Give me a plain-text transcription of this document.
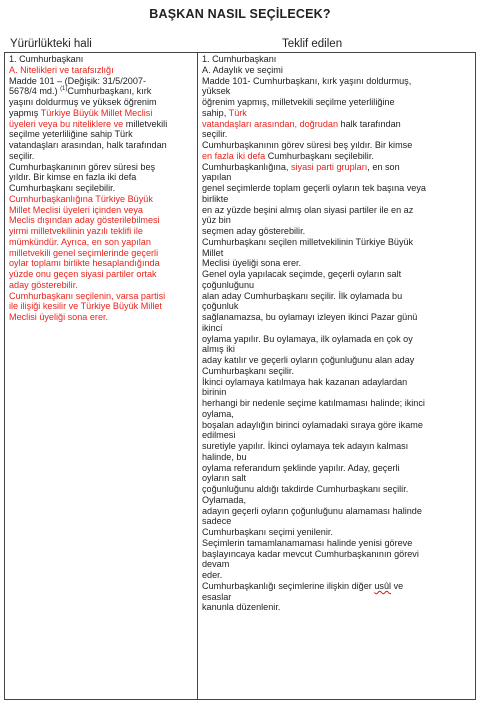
BAŞKAN NASIL SEÇİLECEK?
Yürürlükteki hali	Teklif edilen
1. Cumhurbaşkanı
A. Nitelikleri ve tarafsızlığı
Madde 101 – (Değişik: 31/5/2007-
5678/4 md.) $^{(1)}$Cumhurbaşkanı, kırk
yaşını doldurmuş ve yüksek öğrenim
yapmış Türkiye Büyük Millet Meclisi
üyeleri veya bu niteliklere ve milletvekili
seçilme yeterliliğine sahip Türk
vatandaşları arasından, halk tarafından
seçilir.
Cumhurbaşkanının görev süresi beş
yıldır. Bir kimse en fazla iki defa
Cumhurbaşkanı seçilebilir.
Cumhurbaşkanlığına Türkiye Büyük
Millet Meclisi üyeleri içinden veya
Meclis dışından aday gösterilebilmesi
yirmi milletvekilinin yazılı teklifi ile
mümkündür. Ayrıca, en son yapılan
milletvekili genel seçimlerinde geçerli
oylar toplamı birlikte hesaplandığında
yüzde onu geçen siyasi partiler ortak
aday gösterebilir.
Cumhurbaşkanı seçilenin, varsa partisi
ile ilişiği kesilir ve Türkiye Büyük Millet
Meclisi üyeliği sona erer.

1. Cumhurbaşkanı
A. Adaylık ve seçimi
Madde 101- Cumhurbaşkanı, kırk yaşını doldurmuş,
yüksek
öğrenim yapmış, milletvekili seçilme yeterliliğine
sahip, Türk
vatandaşları arasından, doğrudan halk tarafından
seçilir.
Cumhurbaşkanının görev süresi beş yıldır. Bir kimse
en fazla iki defa Cumhurbaşkanı seçilebilir.
Cumhurbaşkanlığına, siyasi parti grupları, en son
yapılan
genel seçimlerde toplam geçerli oyların tek başına veya
birlikte
en az yüzde beşini almış olan siyasi partiler ile en az
yüz bin
seçmen aday gösterebilir.
Cumhurbaşkanı seçilen milletvekilinin Türkiye Büyük
Millet
Meclisi üyeliği sona erer.
Genel oyla yapılacak seçimde, geçerli oyların salt
çoğunluğunu
alan aday Cumhurbaşkanı seçilir. İlk oylamada bu
çoğunluk
sağlanamazsa, bu oylamayı izleyen ikinci Pazar günü
ikinci
oylama yapılır. Bu oylamaya, ilk oylamada en çok oy
almış iki
aday katılır ve geçerli oyların çoğunluğunu alan aday
Cumhurbaşkanı seçilir.
İkinci oylamaya katılmaya hak kazanan adaylardan
birinin
herhangi bir nedenle seçime katılmaması halinde; ikinci
oylama,
boşalan adaylığın birinci oylamadaki sıraya göre ikame
edilmesi
suretiyle yapılır. İkinci oylamaya tek adayın kalması
halinde, bu
oylama referandum şeklinde yapılır. Aday, geçerli
oyların salt
çoğunluğunu aldığı takdirde Cumhurbaşkanı seçilir.
Oylamada,
adayın geçerli oyların çoğunluğunu alamaması halinde
sadece
Cumhurbaşkanı seçimi yenilenir.
Seçimlerin tamamlanamaması halinde yenisi göreve
başlayıncaya kadar mevcut Cumhurbaşkanının görevi
devam
eder.
Cumhurbaşkanlığı seçimlerine ilişkin diğer usûl ve
esaslar
kanunla düzenlenir.
